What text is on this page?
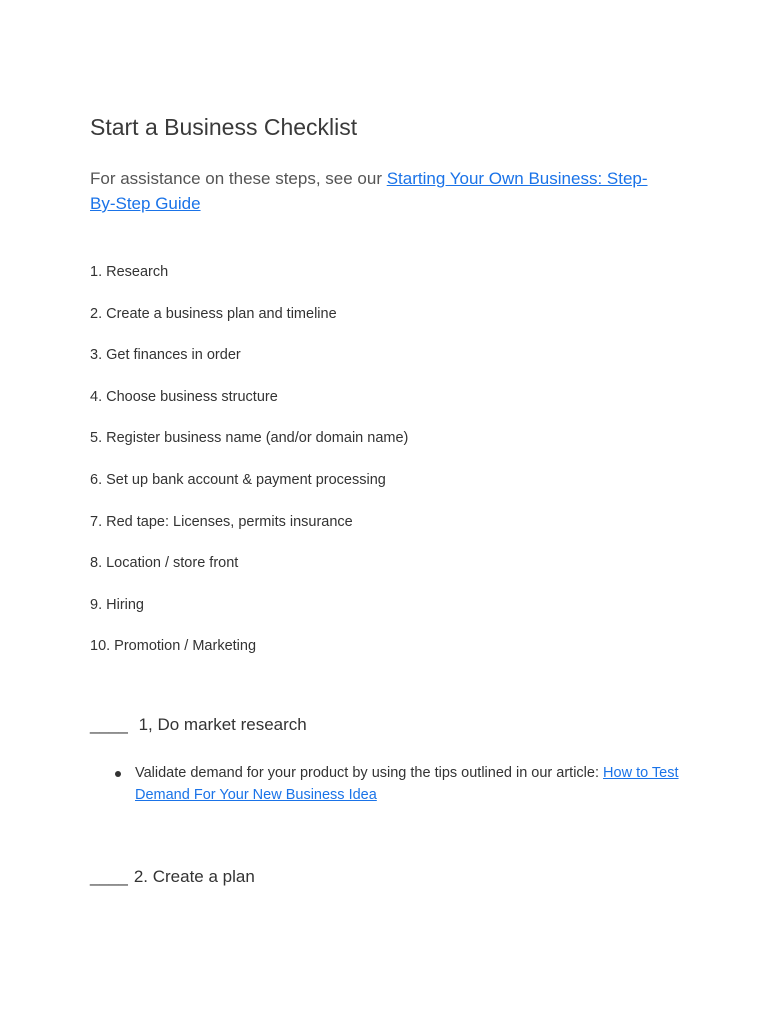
Start a Business Checklist

For assistance on these steps, see our Starting Your Own Business: Step-By-Step Guide

1. Research
2. Create a business plan and timeline
3. Get finances in order
4. Choose business structure
5. Register business name (and/or domain name)
6. Set up bank account & payment processing
7. Red tape: Licenses, permits insurance
8. Location / store front
9. Hiring
10. Promotion / Marketing
____ 1, Do market research
Validate demand for your product by using the tips outlined in our article: How to Test Demand For Your New Business Idea
____ 2. Create a plan
